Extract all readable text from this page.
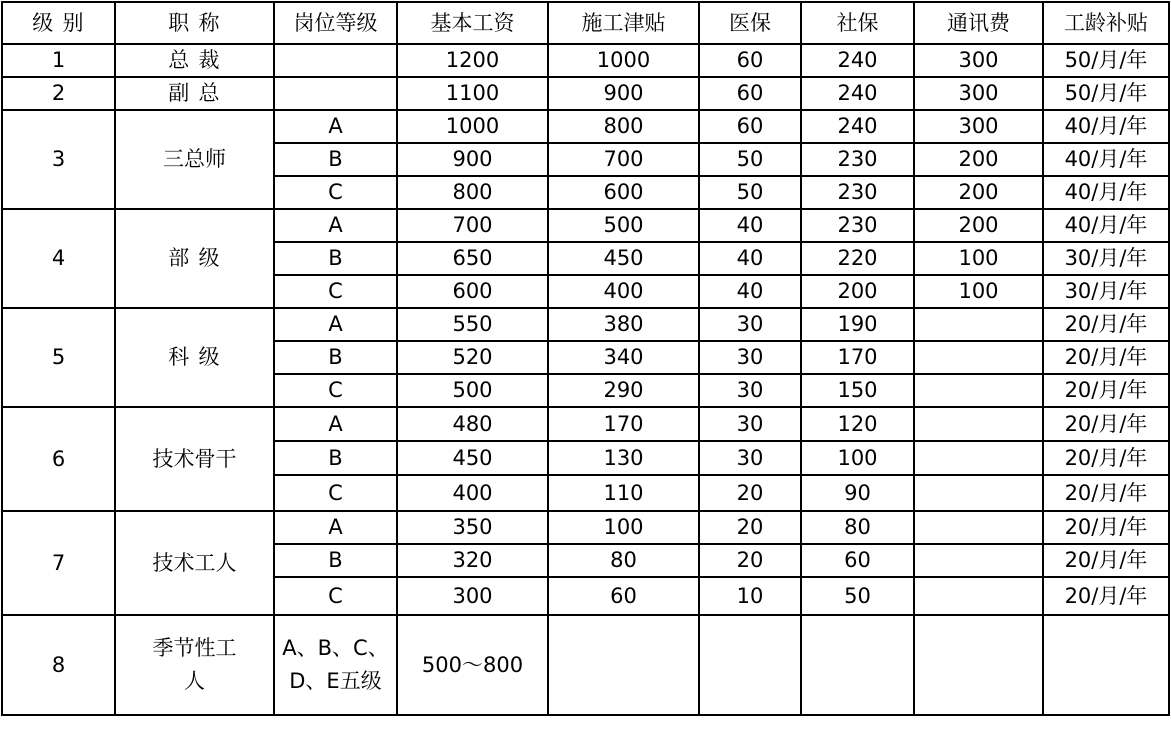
级 别	职 称	岗位等级	基本工资	施工津贴	医保	社保	通讯费	工龄补贴
1	总 裁		1200	1000	60	240	300	50/月/年
2	副 总		1100	900	60	240	300	50/月/年
3	三总师	A	1000	800	60	240	300	40/月/年
		B	900	700	50	230	200	40/月/年
		C	800	600	50	230	200	40/月/年
4	部 级	A	700	500	40	230	200	40/月/年
		B	650	450	40	220	100	30/月/年
		C	600	400	40	200	100	30/月/年
5	科 级	A	550	380	30	190		20/月/年
		B	520	340	30	170		20/月/年
		C	500	290	30	150		20/月/年
6	技术骨干	A	480	170	30	120		20/月/年
		B	450	130	30	100		20/月/年
		C	400	110	20	90		20/月/年
7	技术工人	A	350	100	20	80		20/月/年
		B	320	80	20	60		20/月/年
		C	300	60	10	50		20/月/年
8	季节性工人	A、B、C、D、E五级	500～800					
